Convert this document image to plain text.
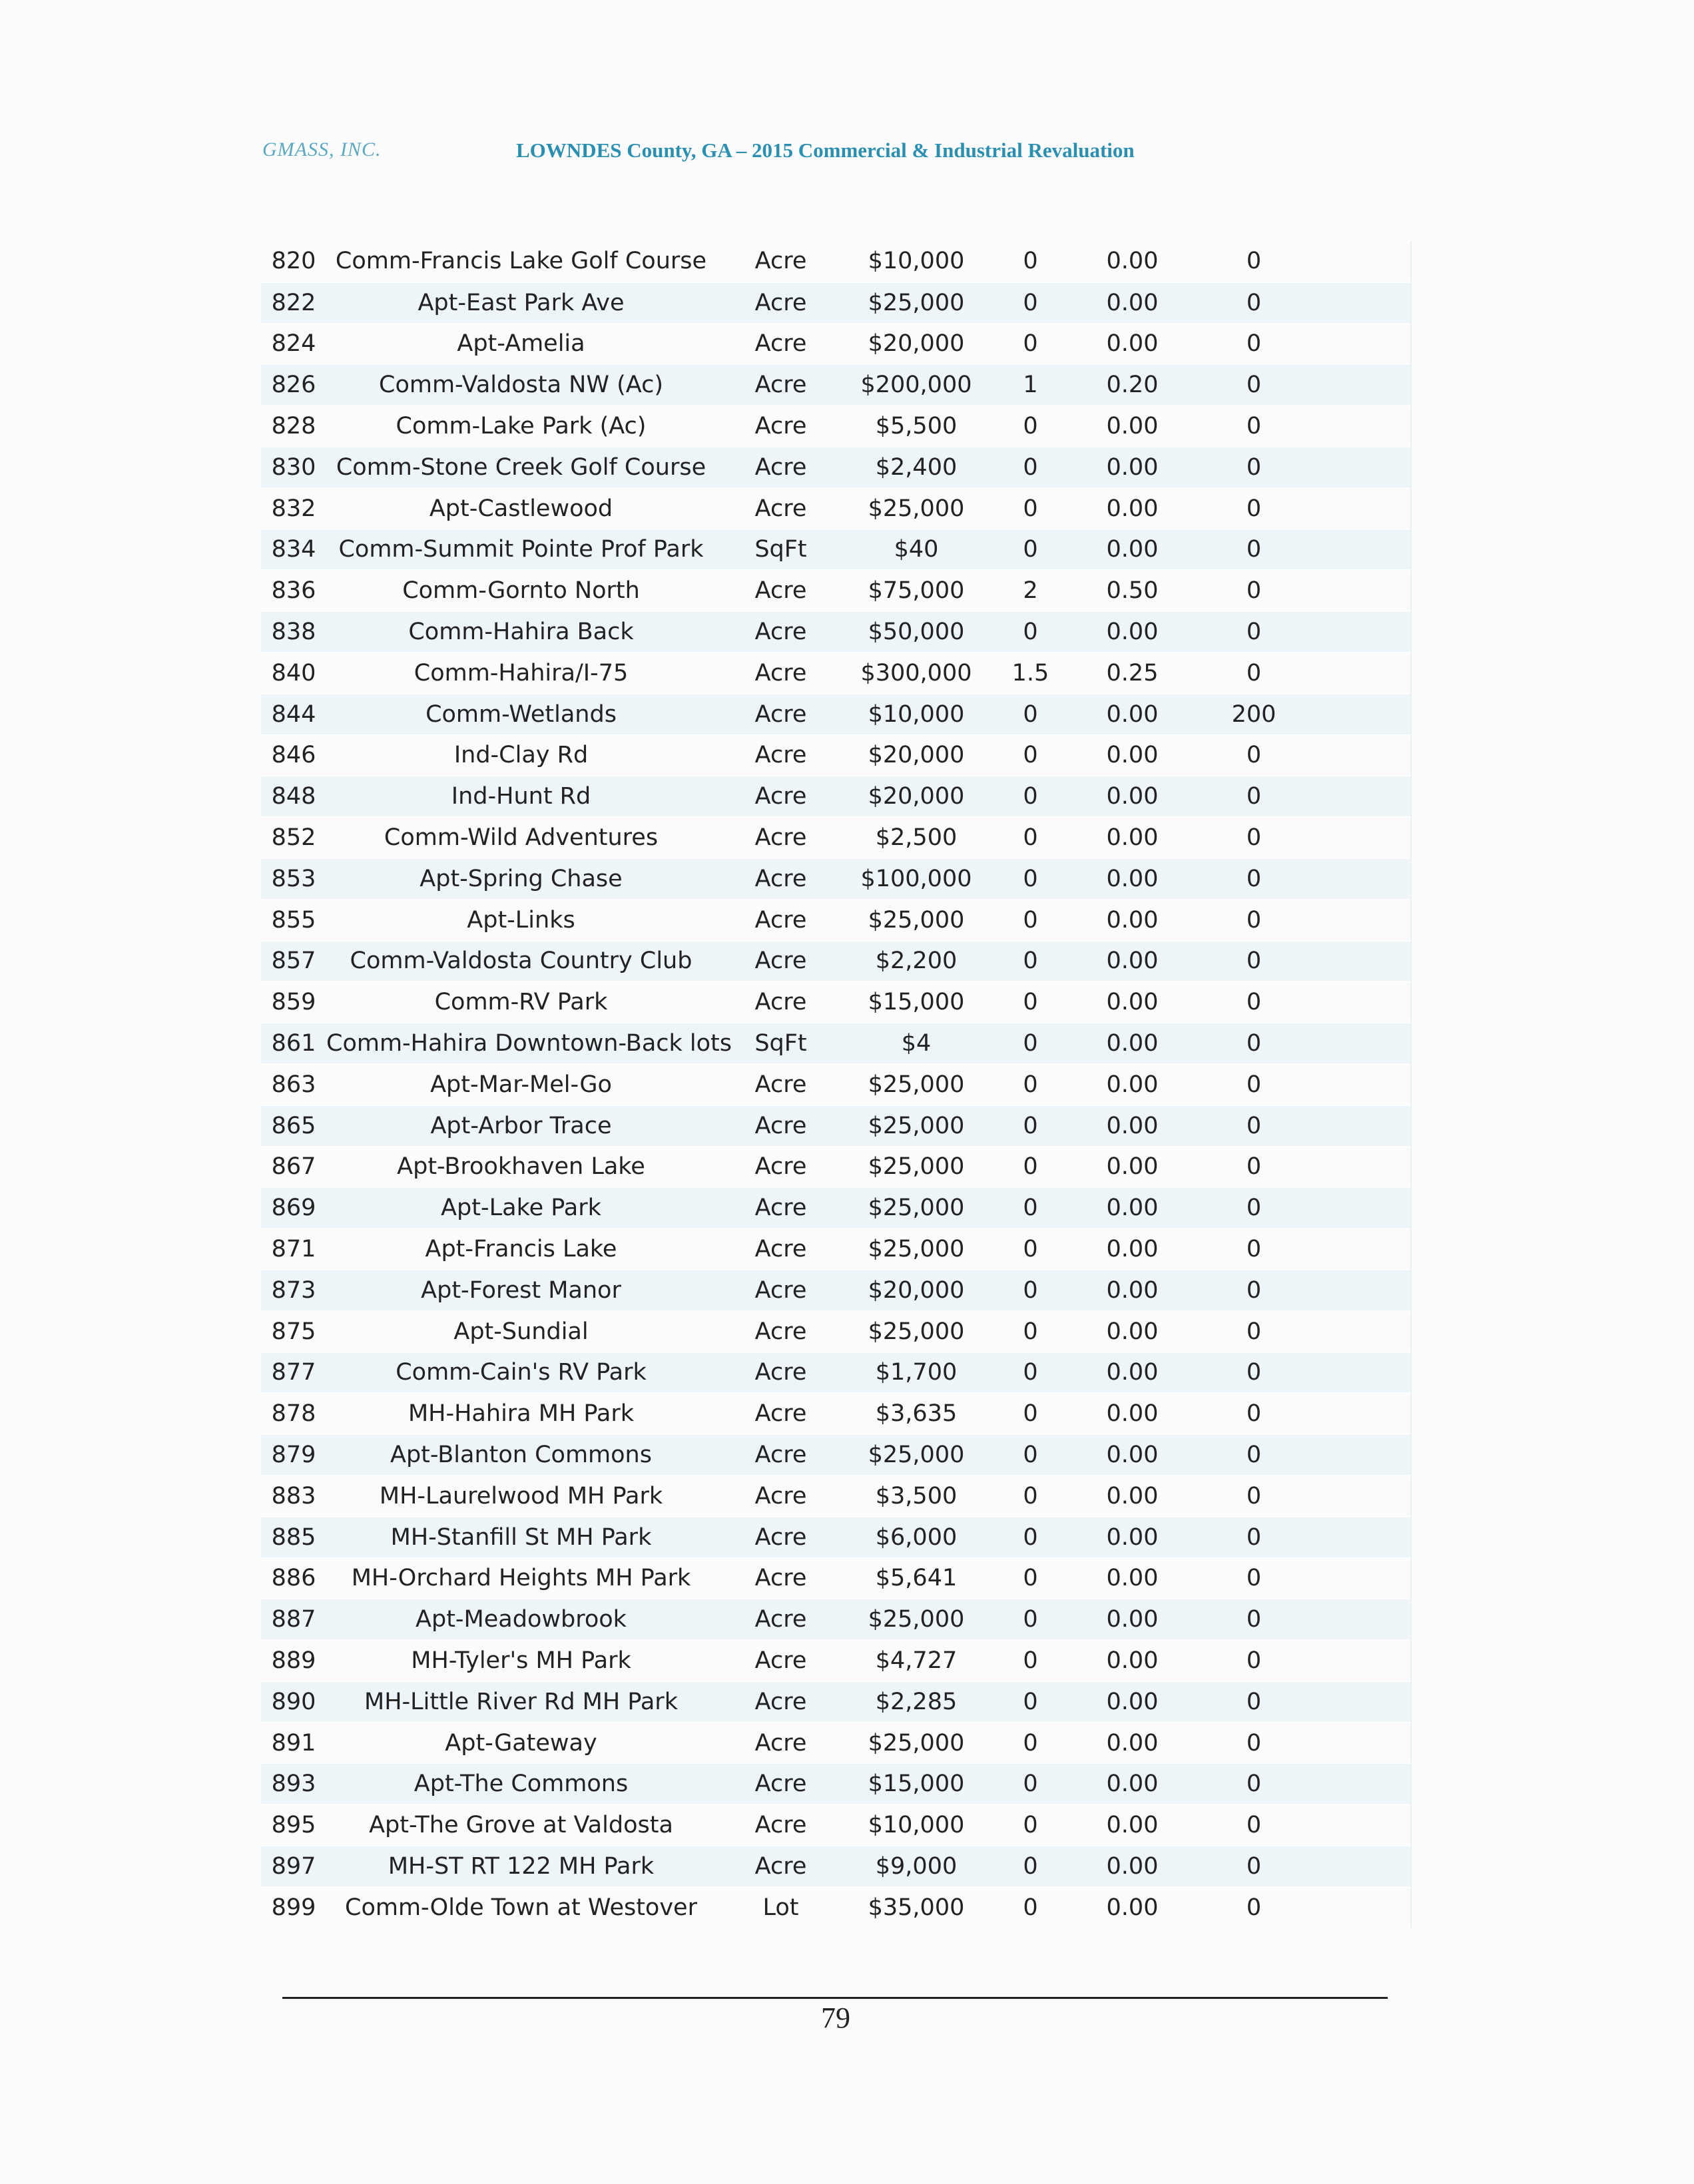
GMASS, INC.	LOWNDES County, GA – 2015 Commercial & Industrial Revaluation
820	Comm-Francis Lake Golf Course	Acre	$10,000	0	0.00	0	
822	Apt-East Park Ave	Acre	$25,000	0	0.00	0	
824	Apt-Amelia	Acre	$20,000	0	0.00	0	
826	Comm-Valdosta NW (Ac)	Acre	$200,000	1	0.20	0	
828	Comm-Lake Park (Ac)	Acre	$5,500	0	0.00	0	
830	Comm-Stone Creek Golf Course	Acre	$2,400	0	0.00	0	
832	Apt-Castlewood	Acre	$25,000	0	0.00	0	
834	Comm-Summit Pointe Prof Park	SqFt	$40	0	0.00	0	
836	Comm-Gornto North	Acre	$75,000	2	0.50	0	
838	Comm-Hahira Back	Acre	$50,000	0	0.00	0	
840	Comm-Hahira/I-75	Acre	$300,000	1.5	0.25	0	
844	Comm-Wetlands	Acre	$10,000	0	0.00	200	
846	Ind-Clay Rd	Acre	$20,000	0	0.00	0	
848	Ind-Hunt Rd	Acre	$20,000	0	0.00	0	
852	Comm-Wild Adventures	Acre	$2,500	0	0.00	0	
853	Apt-Spring Chase	Acre	$100,000	0	0.00	0	
855	Apt-Links	Acre	$25,000	0	0.00	0	
857	Comm-Valdosta Country Club	Acre	$2,200	0	0.00	0	
859	Comm-RV Park	Acre	$15,000	0	0.00	0	
861	Comm-Hahira Downtown-Back lots	SqFt	$4	0	0.00	0	
863	Apt-Mar-Mel-Go	Acre	$25,000	0	0.00	0	
865	Apt-Arbor Trace	Acre	$25,000	0	0.00	0	
867	Apt-Brookhaven Lake	Acre	$25,000	0	0.00	0	
869	Apt-Lake Park	Acre	$25,000	0	0.00	0	
871	Apt-Francis Lake	Acre	$25,000	0	0.00	0	
873	Apt-Forest Manor	Acre	$20,000	0	0.00	0	
875	Apt-Sundial	Acre	$25,000	0	0.00	0	
877	Comm-Cain's RV Park	Acre	$1,700	0	0.00	0	
878	MH-Hahira MH Park	Acre	$3,635	0	0.00	0	
879	Apt-Blanton Commons	Acre	$25,000	0	0.00	0	
883	MH-Laurelwood MH Park	Acre	$3,500	0	0.00	0	
885	MH-Stanfill St MH Park	Acre	$6,000	0	0.00	0	
886	MH-Orchard Heights MH Park	Acre	$5,641	0	0.00	0	
887	Apt-Meadowbrook	Acre	$25,000	0	0.00	0	
889	MH-Tyler's MH Park	Acre	$4,727	0	0.00	0	
890	MH-Little River Rd MH Park	Acre	$2,285	0	0.00	0	
891	Apt-Gateway	Acre	$25,000	0	0.00	0	
893	Apt-The Commons	Acre	$15,000	0	0.00	0	
895	Apt-The Grove at Valdosta	Acre	$10,000	0	0.00	0	
897	MH-ST RT 122 MH Park	Acre	$9,000	0	0.00	0	
899	Comm-Olde Town at Westover	Lot	$35,000	0	0.00	0	
79
